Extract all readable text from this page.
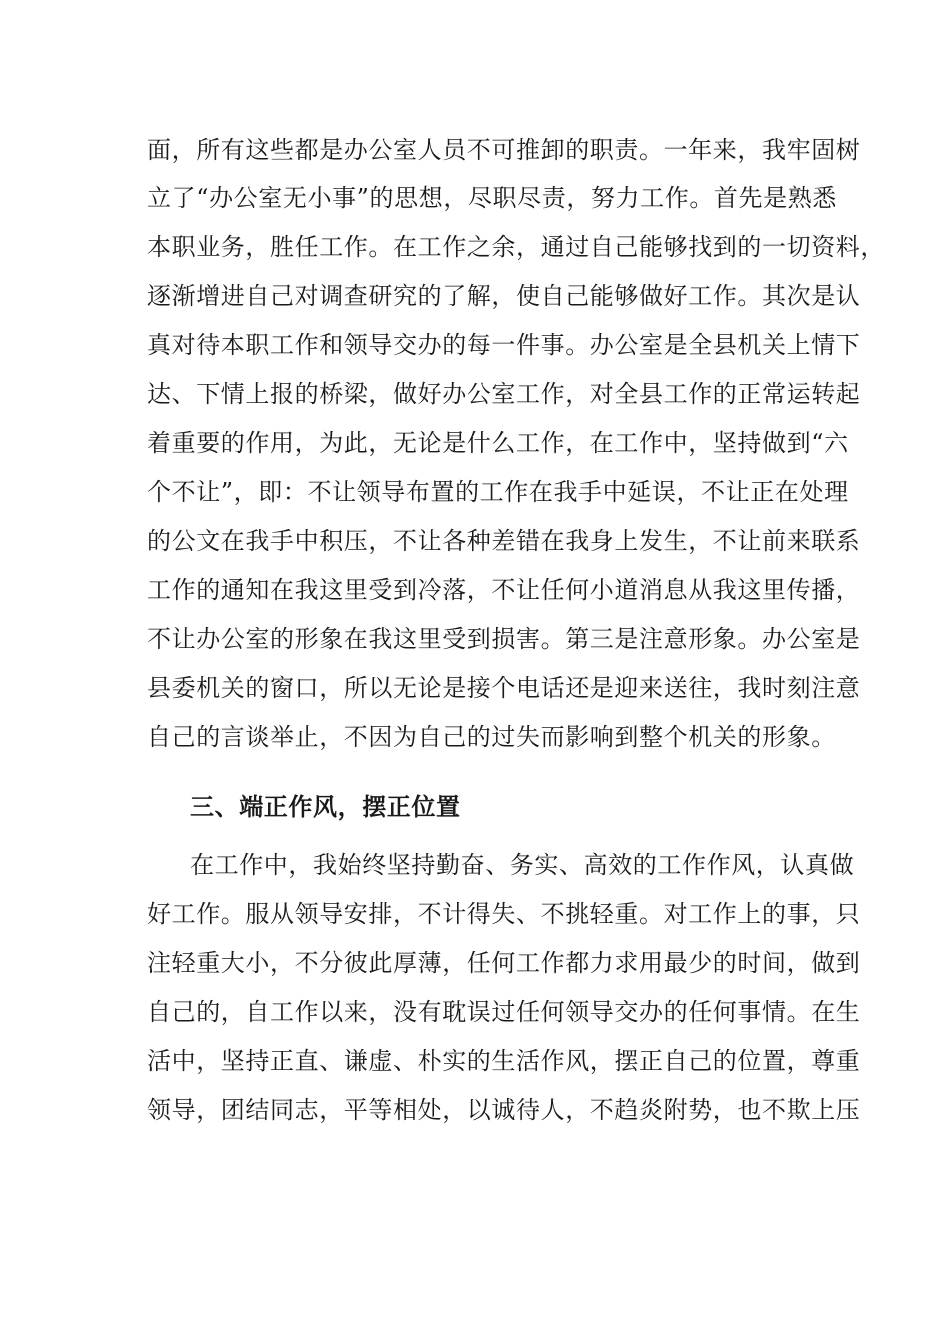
面，所有这些都是办公室人员不可推卸的职责。一年来，我牢固树
立了“办公室无小事”的思想，尽职尽责，努力工作。首先是熟悉
本职业务，胜任工作。在工作之余，通过自己能够找到的一切资料，
逐渐增进自己对调查研究的了解，使自己能够做好工作。其次是认
真对待本职工作和领导交办的每一件事。办公室是全县机关上情下
达、下情上报的桥梁，做好办公室工作，对全县工作的正常运转起
着重要的作用，为此，无论是什么工作，在工作中，坚持做到“六
个不让”，即：不让领导布置的工作在我手中延误，不让正在处理
的公文在我手中积压，不让各种差错在我身上发生，不让前来联系
工作的通知在我这里受到冷落，不让任何小道消息从我这里传播，
不让办公室的形象在我这里受到损害。第三是注意形象。办公室是
县委机关的窗口，所以无论是接个电话还是迎来送往，我时刻注意
自己的言谈举止，不因为自己的过失而影响到整个机关的形象。
三、端正作风，摆正位置
在工作中，我始终坚持勤奋、务实、高效的工作作风，认真做
好工作。服从领导安排，不计得失、不挑轻重。对工作上的事，只
注轻重大小，不分彼此厚薄，任何工作都力求用最少的时间，做到
自己的，自工作以来，没有耽误过任何领导交办的任何事情。在生
活中，坚持正直、谦虚、朴实的生活作风，摆正自己的位置，尊重
领导，团结同志，平等相处，以诚待人，不趋炎附势，也不欺上压
